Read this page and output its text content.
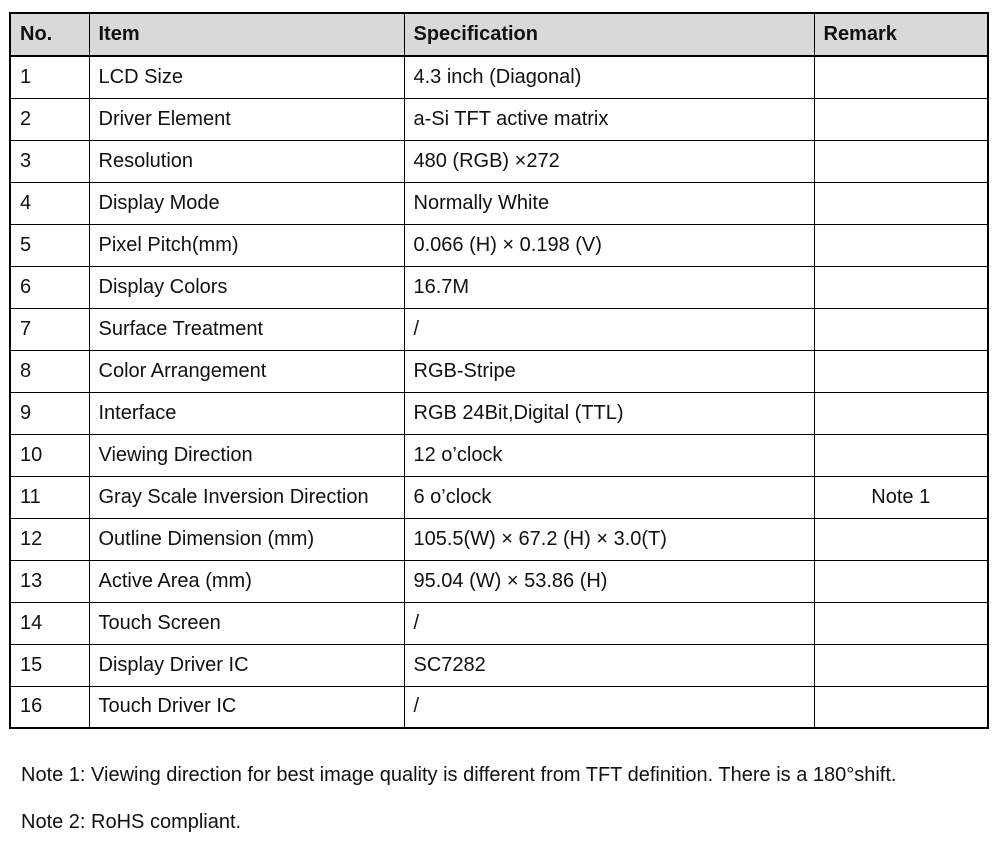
No.	Item	Specification	Remark
1	LCD Size	4.3 inch (Diagonal)	
2	Driver Element	a-Si TFT active matrix	
3	Resolution	480 (RGB) ×272	
4	Display Mode	Normally White	
5	Pixel Pitch(mm)	0.066 (H) × 0.198 (V)	
6	Display Colors	16.7M	
7	Surface Treatment	/	
8	Color Arrangement	RGB-Stripe	
9	Interface	RGB 24Bit,Digital (TTL)	
10	Viewing Direction	12 o’clock	
11	Gray Scale Inversion Direction	6 o’clock	Note 1
12	Outline Dimension (mm)	105.5(W) × 67.2 (H) × 3.0(T)	
13	Active Area (mm)	95.04 (W) × 53.86 (H)	
14	Touch Screen	/	
15	Display Driver IC	SC7282	
16	Touch Driver IC	/	
Note 1: Viewing direction for best image quality is different from TFT definition. There is a 180°shift.
Note 2: RoHS compliant.
